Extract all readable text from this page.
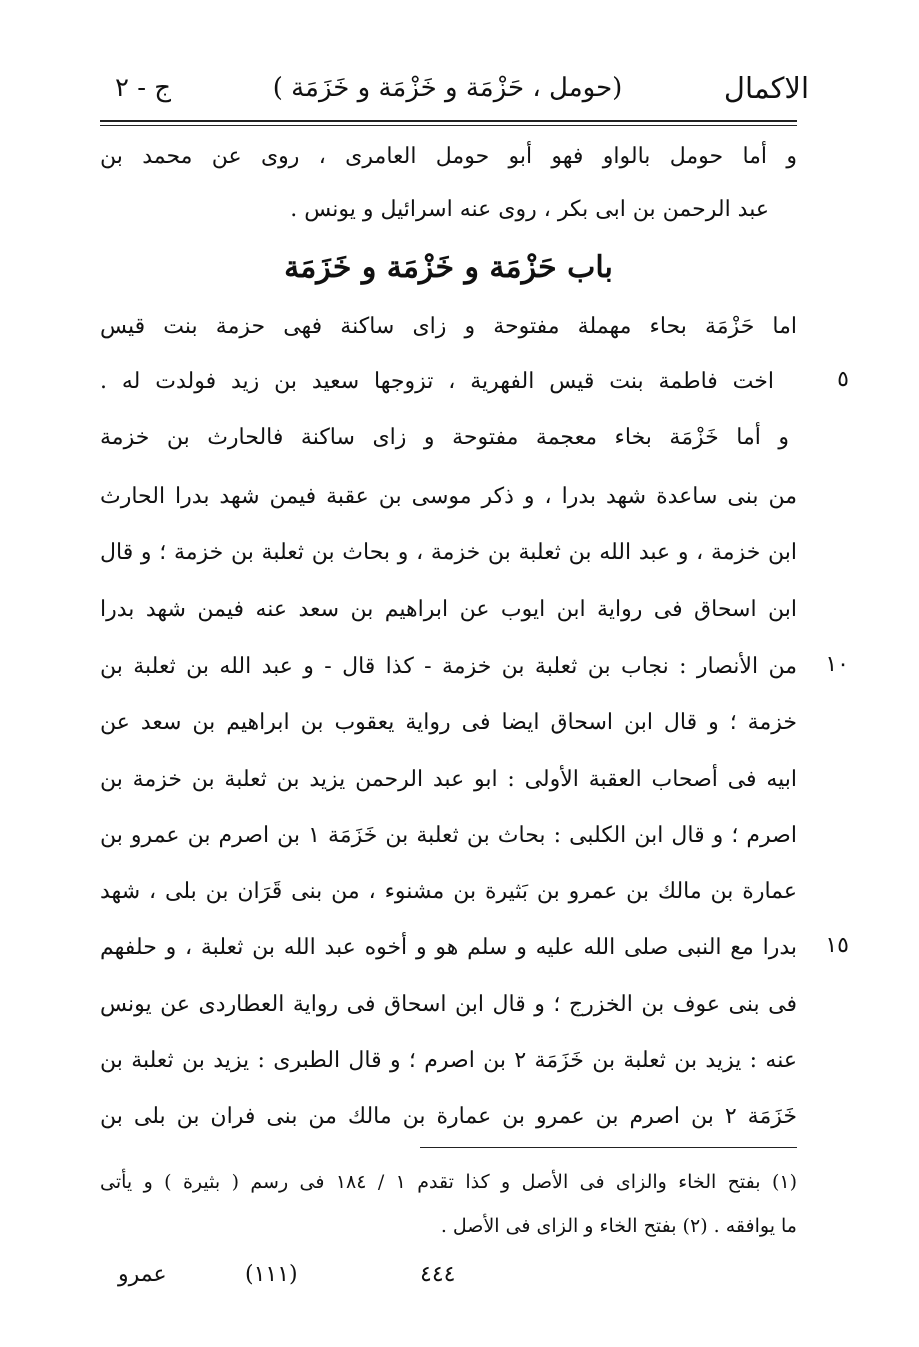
الاكمال
(حومل ، حَزْمَة و خَزْمَة و خَزَمَة )
ج - ٢
و أما حومل بالواو فهو أبو حومل العامرى ، روى عن محمد بن
عبد الرحمن بن ابى بكر ، روى عنه اسرائيل و يونس .
باب حَزْمَة و خَزْمَة و خَزَمَة
اما حَزْمَة بحاء مهملة مفتوحة و زاى ساكنة فهى حزمة بنت قيس
اخت فاطمة بنت قيس الفهرية ، تزوجها سعيد بن زيد فولدت له .	٥
و أما خَزْمَة بخاء معجمة مفتوحة و زاى ساكنة فالحارث بن خزمة
من بنى ساعدة شهد بدرا ، و ذكر موسى بن عقبة فيمن شهد بدرا الحارث
ابن خزمة ، و عبد الله بن ثعلبة بن خزمة ، و بحاث بن ثعلبة بن خزمة ؛ و قال
ابن اسحاق فى رواية ابن ايوب عن ابراهيم بن سعد عنه فيمن شهد بدرا
من الأنصار : نجاب بن ثعلبة بن خزمة - كذا قال - و عبد الله بن ثعلبة بن	١٠
خزمة ؛ و قال ابن اسحاق ايضا فى رواية يعقوب بن ابراهيم بن سعد عن
ابيه فى أصحاب العقبة الأولى : ابو عبد الرحمن يزيد بن ثعلبة بن خزمة بن
اصرم ؛ و قال ابن الكلبى : بحاث بن ثعلبة بن خَزَمَة ١ بن اصرم بن عمرو بن
عمارة بن مالك بن عمرو بن بَثيرة بن مشنوء ، من بنى قَرَان بن بلى ، شهد
بدرا مع النبى صلى الله عليه و سلم هو و أخوه عبد الله بن ثعلبة ، و حلفهم	١٥
فى بنى عوف بن الخزرج ؛ و قال ابن اسحاق فى رواية العطاردى عن يونس
عنه : يزيد بن ثعلبة بن خَزَمَة ٢ بن اصرم ؛ و قال الطبرى : يزيد بن ثعلبة بن
خَزَمَة ٢ بن اصرم بن عمرو بن عمارة بن مالك من بنى فران بن بلى بن
(١) بفتح الخاء والزاى فى الأصل و كذا تقدم ١ / ١٨٤ فى رسم ( بثيرة ) و يأتى
ما يوافقه . (٢) بفتح الخاء و الزاى فى الأصل .
عمرو	(١١١)	٤٤٤
